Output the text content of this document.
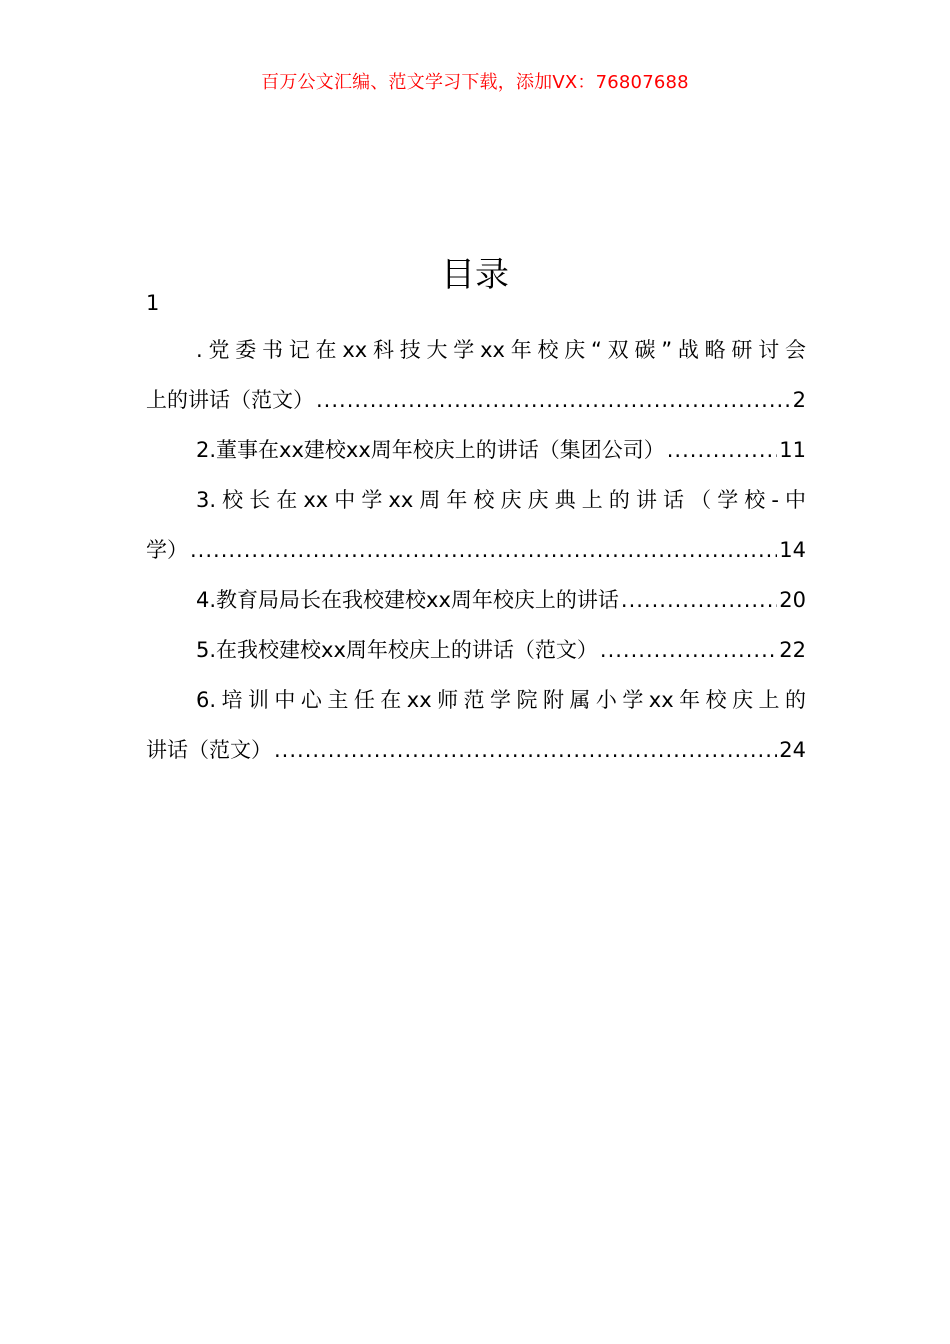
百万公文汇编、范文学习下载，添加VX：76807688
目录
1
.党委书记在xx科技大学xx年校庆“双碳”战略研讨会
上的讲话（范文） .....	2
2.董事在xx建校xx周年校庆上的讲话（集团公司） .....	11
3.校长在xx中学xx周年校庆庆典上的讲话（学校-中
学） .....	14
4.教育局局长在我校建校xx周年校庆上的讲话 .....	20
5.在我校建校xx周年校庆上的讲话（范文） .....	22
6.培训中心主任在xx师范学院附属小学xx年校庆上的
讲话（范文） .....	24
